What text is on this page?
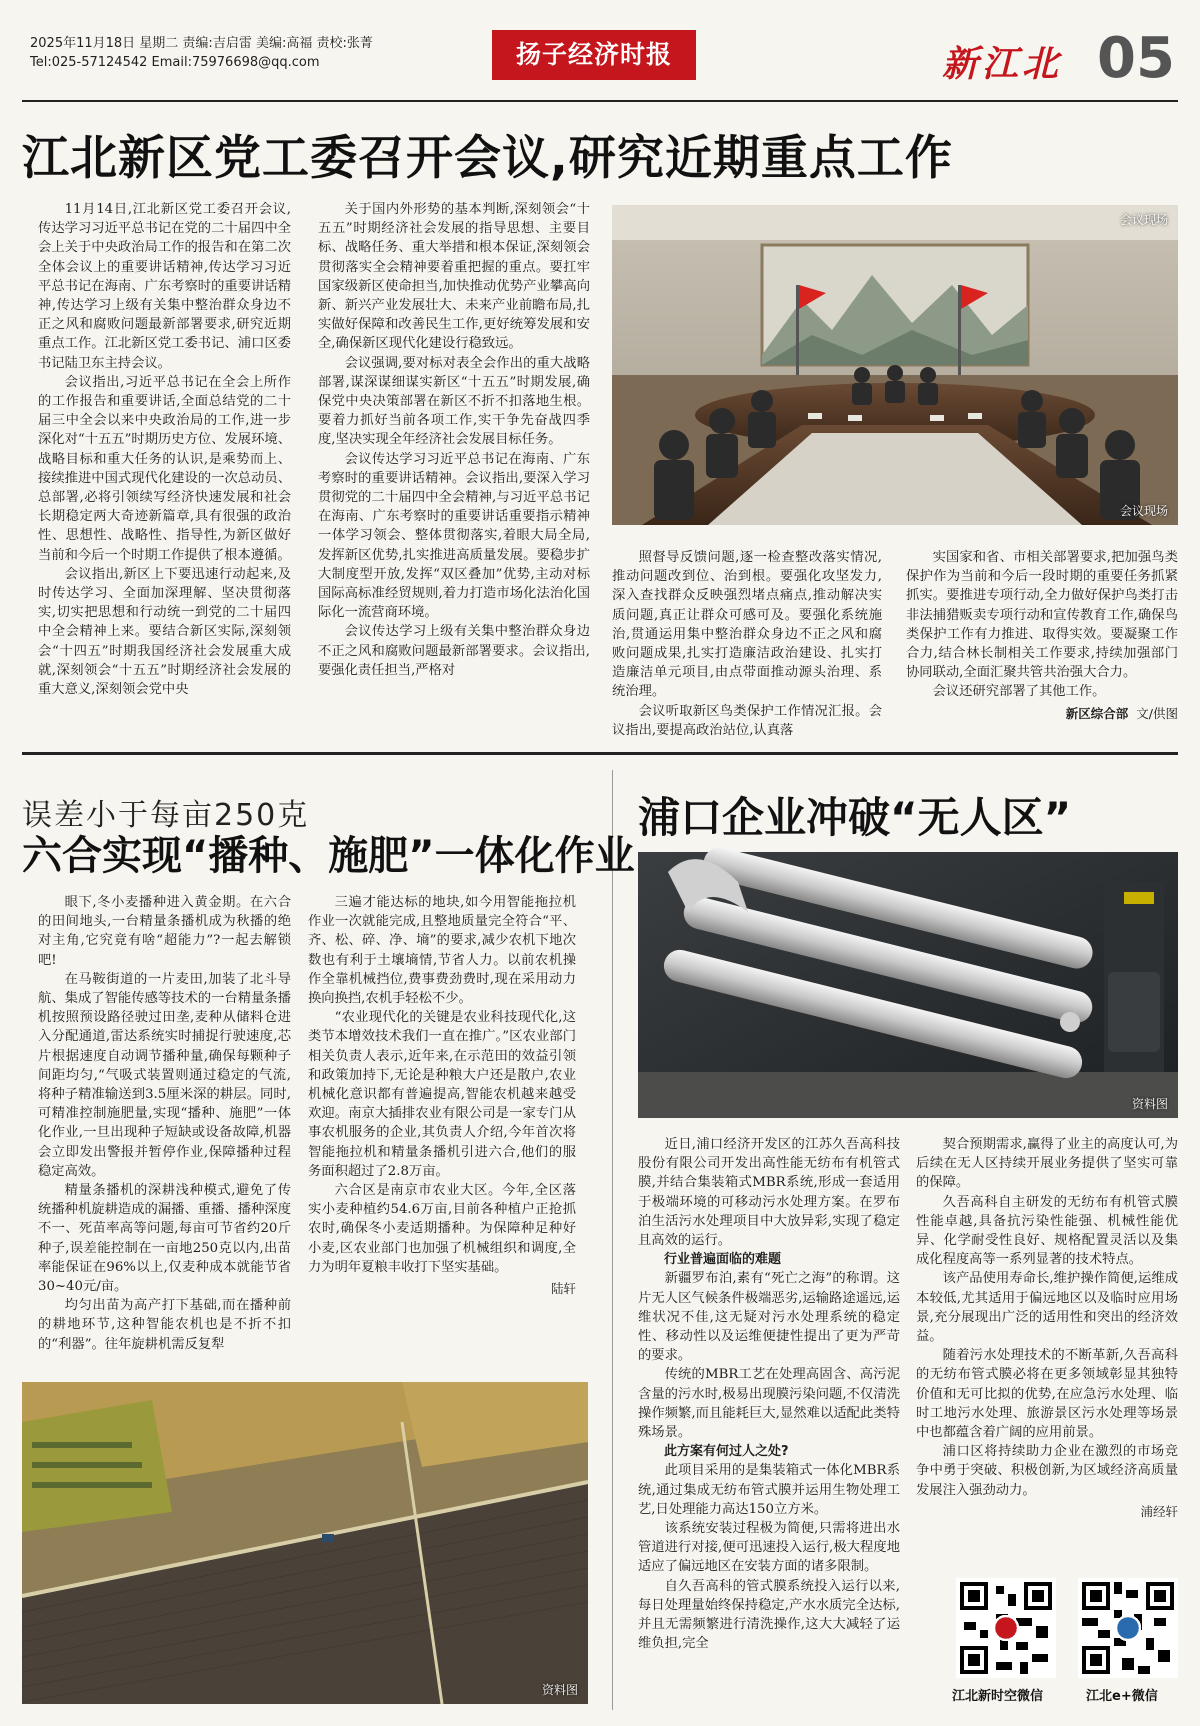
2025年11月18日 星期二 责编:吉启雷 美编:高福 责校:张菁
Tel:025-57124542 Email:75976698@qq.com	扬子经济时报	新江北 05
江北新区党工委召开会议,研究近期重点工作

11月14日,江北新区党工委召开会议,传达学习习近平总书记在党的二十届四中全会上关于中央政治局工作的报告和在第二次全体会议上的重要讲话精神,传达学习习近平总书记在海南、广东考察时的重要讲话精神,传达学习上级有关集中整治群众身边不正之风和腐败问题最新部署要求,研究近期重点工作。江北新区党工委书记、浦口区委书记陆卫东主持会议。

会议指出,习近平总书记在全会上所作的工作报告和重要讲话,全面总结党的二十届三中全会以来中央政治局的工作,进一步深化对“十五五”时期历史方位、发展环境、战略目标和重大任务的认识,是乘势而上、接续推进中国式现代化建设的一次总动员、总部署,必将引领续写经济快速发展和社会长期稳定两大奇迹新篇章,具有很强的政治性、思想性、战略性、指导性,为新区做好当前和今后一个时期工作提供了根本遵循。

会议指出,新区上下要迅速行动起来,及时传达学习、全面加深理解、坚决贯彻落实,切实把思想和行动统一到党的二十届四中全会精神上来。要结合新区实际,深刻领会“十四五”时期我国经济社会发展重大成就,深刻领会“十五五”时期经济社会发展的重大意义,深刻领会党中央

关于国内外形势的基本判断,深刻领会“十五五”时期经济社会发展的指导思想、主要目标、战略任务、重大举措和根本保证,深刻领会贯彻落实全会精神要着重把握的重点。要扛牢国家级新区使命担当,加快推动优势产业攀高向新、新兴产业发展壮大、未来产业前瞻布局,扎实做好保障和改善民生工作,更好统筹发展和安全,确保新区现代化建设行稳致远。

会议强调,要对标对表全会作出的重大战略部署,谋深谋细谋实新区“十五五”时期发展,确保党中央决策部署在新区不折不扣落地生根。要着力抓好当前各项工作,实干争先奋战四季度,坚决实现全年经济社会发展目标任务。

会议传达学习习近平总书记在海南、广东考察时的重要讲话精神。会议指出,要深入学习贯彻党的二十届四中全会精神,与习近平总书记在海南、广东考察时的重要讲话重要指示精神一体学习领会、整体贯彻落实,着眼大局全局,发挥新区优势,扎实推进高质量发展。要稳步扩大制度型开放,发挥“双区叠加”优势,主动对标国际高标准经贸规则,着力打造市场化法治化国际化一流营商环境。

会议传达学习上级有关集中整治群众身边不正之风和腐败问题最新部署要求。会议指出,要强化责任担当,严格对

会议现场
会议现场

照督导反馈问题,逐一检查整改落实情况,推动问题改到位、治到根。要强化攻坚发力,深入查找群众反映强烈堵点痛点,推动解决实质问题,真正让群众可感可及。要强化系统施治,贯通运用集中整治群众身边不正之风和腐败问题成果,扎实打造廉洁政治建设、扎实打造廉洁单元项目,由点带面推动源头治理、系统治理。

会议听取新区鸟类保护工作情况汇报。会议指出,要提高政治站位,认真落

实国家和省、市相关部署要求,把加强鸟类保护作为当前和今后一段时期的重要任务抓紧抓实。要推进专项行动,全力做好保护鸟类打击非法捕猎贩卖专项行动和宣传教育工作,确保鸟类保护工作有力推进、取得实效。要凝聚工作合力,结合林长制相关工作要求,持续加强部门协同联动,全面汇聚共管共治强大合力。

会议还研究部署了其他工作。

新区综合部 文/供图
误差小于每亩250克
六合实现“播种、施肥”一体化作业

眼下,冬小麦播种进入黄金期。在六合的田间地头,一台精量条播机成为秋播的绝对主角,它究竟有啥“超能力”?一起去解锁吧!

在马鞍街道的一片麦田,加装了北斗导航、集成了智能传感等技术的一台精量条播机按照预设路径驶过田垄,麦种从储料仓进入分配通道,雷达系统实时捕捉行驶速度,芯片根据速度自动调节播种量,确保每颗种子间距均匀,“气吸式装置则通过稳定的气流,将种子精准输送到3.5厘米深的耕层。同时,可精准控制施肥量,实现“播种、施肥”一体化作业,一旦出现种子短缺或设备故障,机器会立即发出警报并暂停作业,保障播种过程稳定高效。

精量条播机的深耕浅种模式,避免了传统播种机旋耕造成的漏播、重播、播种深度不一、死苗率高等问题,每亩可节省约20斤种子,误差能控制在一亩地250克以内,出苗率能保证在96%以上,仅麦种成本就能节省30~40元/亩。

均匀出苗为高产打下基础,而在播种前的耕地环节,这种智能农机也是不折不扣的“利器”。往年旋耕机需反复犁

三遍才能达标的地块,如今用智能拖拉机作业一次就能完成,且整地质量完全符合“平、齐、松、碎、净、墒”的要求,减少农机下地次数也有利于土壤墒情,节省人力。以前农机操作全靠机械挡位,费事费劲费时,现在采用动力换向换挡,农机手轻松不少。

“农业现代化的关键是农业科技现代化,这类节本增效技术我们一直在推广。”区农业部门相关负责人表示,近年来,在示范田的效益引领和政策加持下,无论是种粮大户还是散户,农业机械化意识都有普遍提高,智能农机越来越受欢迎。南京大插排农业有限公司是一家专门从事农机服务的企业,其负责人介绍,今年首次将智能拖拉机和精量条播机引进六合,他们的服务面积超过了2.8万亩。

六合区是南京市农业大区。今年,全区落实小麦种植约54.6万亩,目前各种植户正抢抓农时,确保冬小麦适期播种。为保障种足种好小麦,区农业部门也加强了机械组织和调度,全力为明年夏粮丰收打下坚实基础。

陆轩
资料图
浦口企业冲破“无人区”
资料图

近日,浦口经济开发区的江苏久吾高科技股份有限公司开发出高性能无纺布有机管式膜,并结合集装箱式MBR系统,形成一套适用于极端环境的可移动污水处理方案。在罗布泊生活污水处理项目中大放异彩,实现了稳定且高效的运行。

行业普遍面临的难题

新疆罗布泊,素有“死亡之海”的称谓。这片无人区气候条件极端恶劣,运输路途遥远,运维状况不佳,这无疑对污水处理系统的稳定性、移动性以及运维便捷性提出了更为严苛的要求。

传统的MBR工艺在处理高固含、高污泥含量的污水时,极易出现膜污染问题,不仅清洗操作频繁,而且能耗巨大,显然难以适配此类特殊场景。

此方案有何过人之处?

此项目采用的是集装箱式一体化MBR系统,通过集成无纺布管式膜并运用生物处理工艺,日处理能力高达150立方米。

该系统安装过程极为简便,只需将进出水管道进行对接,便可迅速投入运行,极大程度地适应了偏远地区在安装方面的诸多限制。

自久吾高科的管式膜系统投入运行以来,每日处理量始终保持稳定,产水水质完全达标,并且无需频繁进行清洗操作,这大大减轻了运维负担,完全

契合预期需求,赢得了业主的高度认可,为后续在无人区持续开展业务提供了坚实可靠的保障。

久吾高科自主研发的无纺布有机管式膜性能卓越,具备抗污染性能强、机械性能优异、化学耐受性良好、规格配置灵活以及集成化程度高等一系列显著的技术特点。

该产品使用寿命长,维护操作简便,运维成本较低,尤其适用于偏远地区以及临时应用场景,充分展现出广泛的适用性和突出的经济效益。

随着污水处理技术的不断革新,久吾高科的无纺布管式膜必将在更多领域彰显其独特价值和无可比拟的优势,在应急污水处理、临时工地污水处理、旅游景区污水处理等场景中也都蕴含着广阔的应用前景。

浦口区将持续助力企业在激烈的市场竞争中勇于突破、积极创新,为区域经济高质量发展注入强劲动力。

浦经轩
江北新时空微信	江北e+微信
